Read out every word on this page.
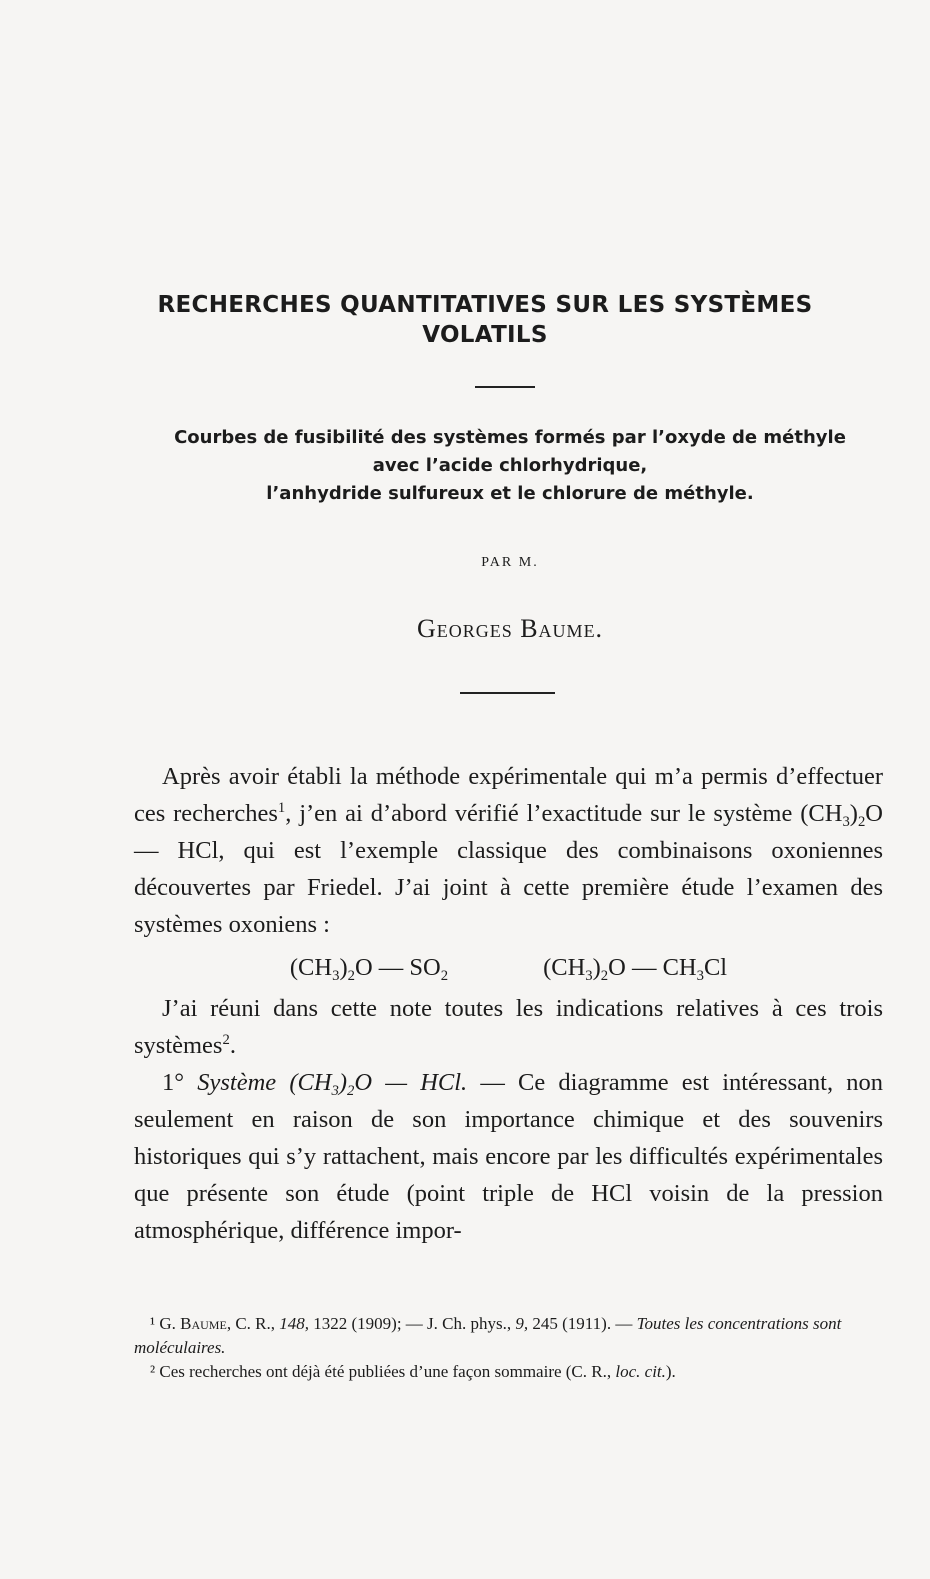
RECHERCHES QUANTITATIVES SUR LES SYSTÈMES
VOLATILS
Courbes de fusibilité des systèmes formés par l’oxyde de méthyle
avec l’acide chlorhydrique,
l’anhydride sulfureux et le chlorure de méthyle.
PAR M.
Georges Baume.

Après avoir établi la méthode expérimentale qui m’a permis d’effectuer ces recherches$^1$, j’en ai d’abord vérifié l’exactitude sur le système $(CH_3)_2O$ — HCl, qui est l’exemple classique des combinaisons oxoniennes découvertes par Friedel. J’ai joint à cette première étude l’examen des systèmes oxoniens :

$(CH_3)_2O$ — $SO_2$	$(CH_3)_2O$ — $CH_3Cl$

J’ai réuni dans cette note toutes les indications relatives à ces trois systèmes$^2$.

1° Système $(CH_3)_2O$ — HCl. — Ce diagramme est intéressant, non seulement en raison de son importance chimique et des souvenirs historiques qui s’y rattachent, mais encore par les difficultés expérimentales que présente son étude (point triple de HCl voisin de la pression atmosphérique, différence impor-

¹ G. Baume, C. R., 148, 1322 (1909); — J. Ch. phys., 9, 245 (1911). — Toutes les concentrations sont moléculaires.

² Ces recherches ont déjà été publiées d’une façon sommaire (C. R., loc. cit.).
